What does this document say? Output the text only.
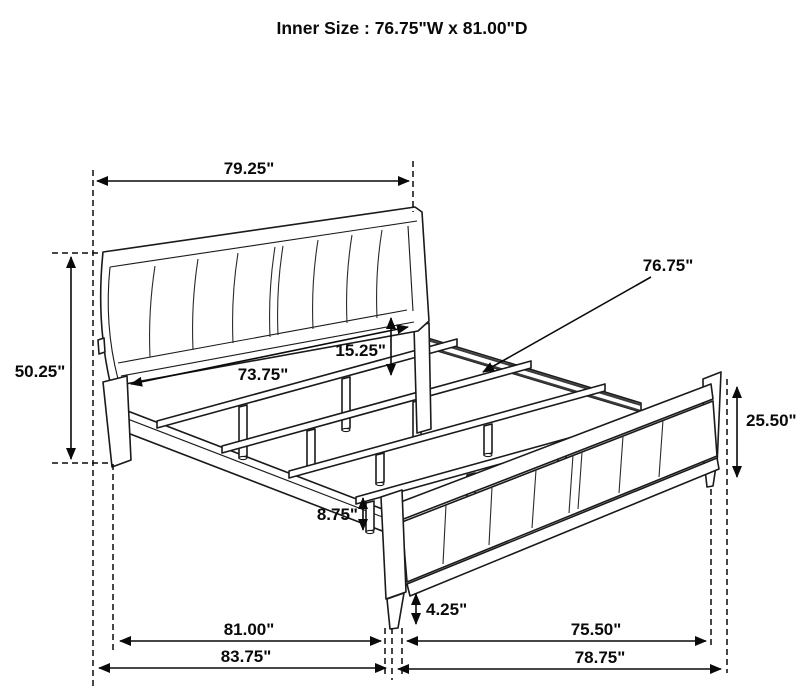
79.25"
50.25"
15.25"
73.75"
76.75"
25.50"
8.75"
4.25"
81.00"	75.50"
83.75"	78.75"
Inner Size : 76.75"W x 81.00"D
